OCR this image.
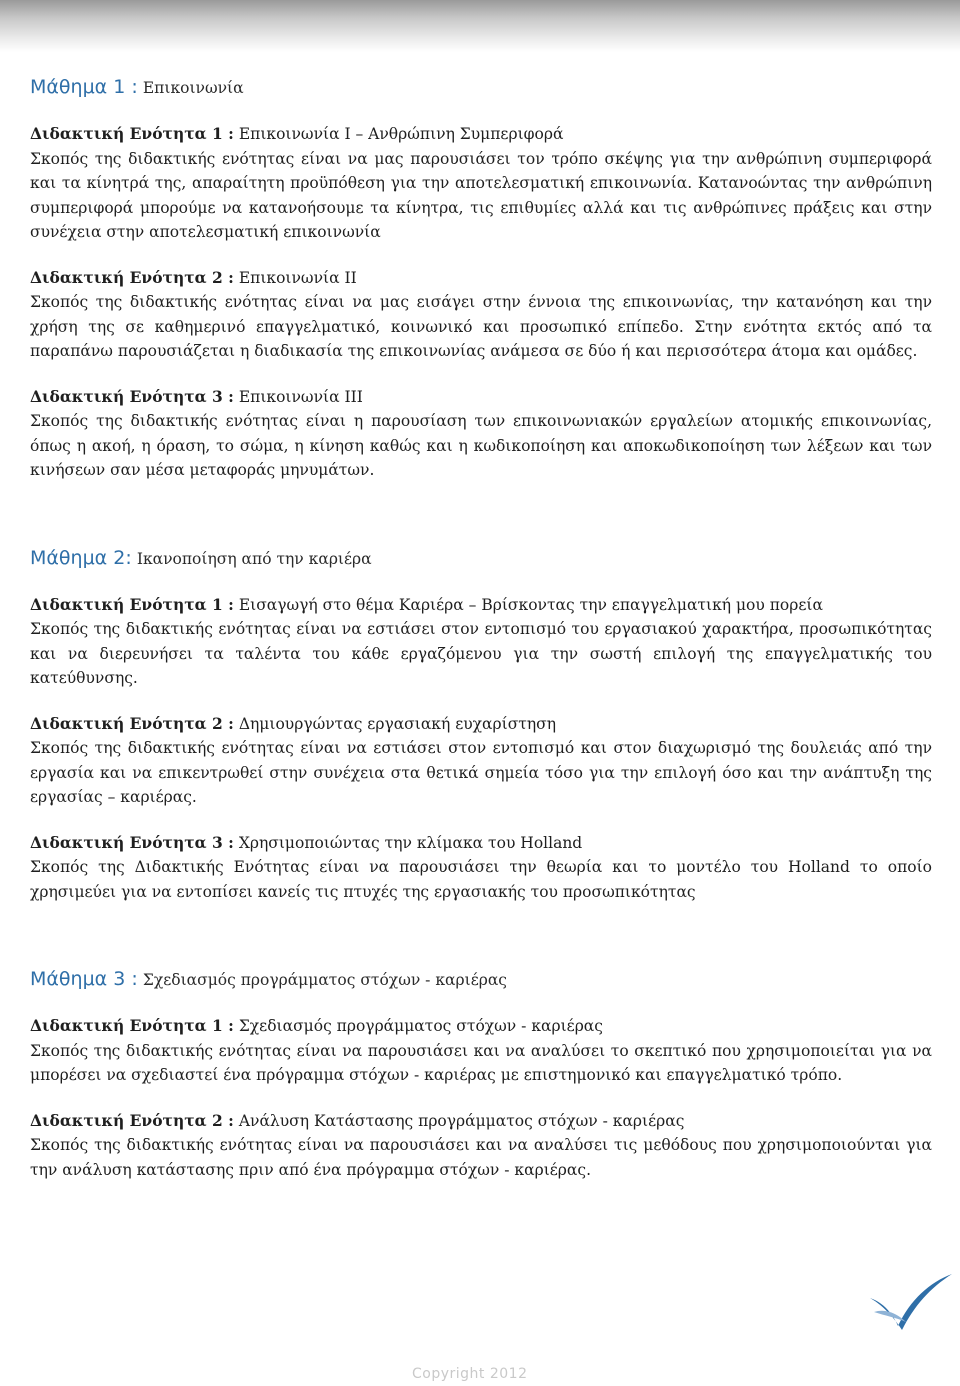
Μάθημα 1 : Επικοινωνία
Διδακτική Ενότητα 1 : Επικοινωνία Ι – Ανθρώπινη Συμπεριφορά
Σκοπός της διδακτικής ενότητας είναι να μας παρουσιάσει τον τρόπο σκέψης για την ανθρώπινη συμπεριφορά και τα κίνητρά της, απαραίτητη προϋπόθεση για την αποτελεσματική επικοινωνία. Κατανοώντας την ανθρώπινη συμπεριφορά μπορούμε να κατανοήσουμε τα κίνητρα, τις επιθυμίες αλλά και τις ανθρώπινες πράξεις και στην συνέχεια στην αποτελεσματική επικοινωνία
Διδακτική Ενότητα 2 : Επικοινωνία ΙΙ
Σκοπός της διδακτικής ενότητας είναι να μας εισάγει στην έννοια της επικοινωνίας, την κατανόηση και την χρήση της σε καθημερινό επαγγελματικό, κοινωνικό και προσωπικό επίπεδο. Στην ενότητα εκτός από τα παραπάνω παρουσιάζεται η διαδικασία της επικοινωνίας ανάμεσα σε δύο ή και περισσότερα άτομα και ομάδες.
Διδακτική Ενότητα 3 : Επικοινωνία ΙΙΙ
Σκοπός της διδακτικής ενότητας είναι η παρουσίαση των επικοινωνιακών εργαλείων ατομικής επικοινωνίας, όπως η ακοή, η όραση, το σώμα, η κίνηση καθώς και η κωδικοποίηση και αποκωδικοποίηση των λέξεων και των κινήσεων σαν μέσα μεταφοράς μηνυμάτων.
Μάθημα 2: Ικανοποίηση από την καριέρα
Διδακτική Ενότητα 1 : Εισαγωγή στο θέμα Καριέρα – Βρίσκοντας την επαγγελματική μου πορεία
Σκοπός της διδακτικής ενότητας είναι να εστιάσει στον εντοπισμό του εργασιακού χαρακτήρα, προσωπικότητας και να διερευνήσει τα ταλέντα του κάθε εργαζόμενου για την σωστή επιλογή της επαγγελματικής του κατεύθυνσης.
Διδακτική Ενότητα 2 : Δημιουργώντας εργασιακή ευχαρίστηση
Σκοπός της διδακτικής ενότητας είναι να εστιάσει στον εντοπισμό και στον διαχωρισμό της δουλειάς από την εργασία και να επικεντρωθεί στην συνέχεια στα θετικά σημεία τόσο για την επιλογή όσο και την ανάπτυξη της εργασίας – καριέρας.
Διδακτική Ενότητα 3 : Χρησιμοποιώντας την κλίμακα του Holland
Σκοπός της Διδακτικής Ενότητας είναι να παρουσιάσει την θεωρία και το μοντέλο του Holland το οποίο χρησιμεύει για να εντοπίσει κανείς τις πτυχές της εργασιακής του προσωπικότητας
Μάθημα 3 : Σχεδιασμός προγράμματος στόχων - καριέρας
Διδακτική Ενότητα 1 : Σχεδιασμός προγράμματος στόχων - καριέρας
Σκοπός της διδακτικής ενότητας είναι να παρουσιάσει και να αναλύσει το σκεπτικό που χρησιμοποιείται για να μπορέσει να σχεδιαστεί ένα πρόγραμμα στόχων - καριέρας με επιστημονικό και επαγγελματικό τρόπο.
Διδακτική Ενότητα 2 : Ανάλυση Κατάστασης προγράμματος στόχων - καριέρας
Σκοπός της διδακτικής ενότητας είναι να παρουσιάσει και να αναλύσει τις μεθόδους που χρησιμοποιούνται για την ανάλυση κατάστασης πριν από ένα πρόγραμμα στόχων - καριέρας.
Copyright 2012
